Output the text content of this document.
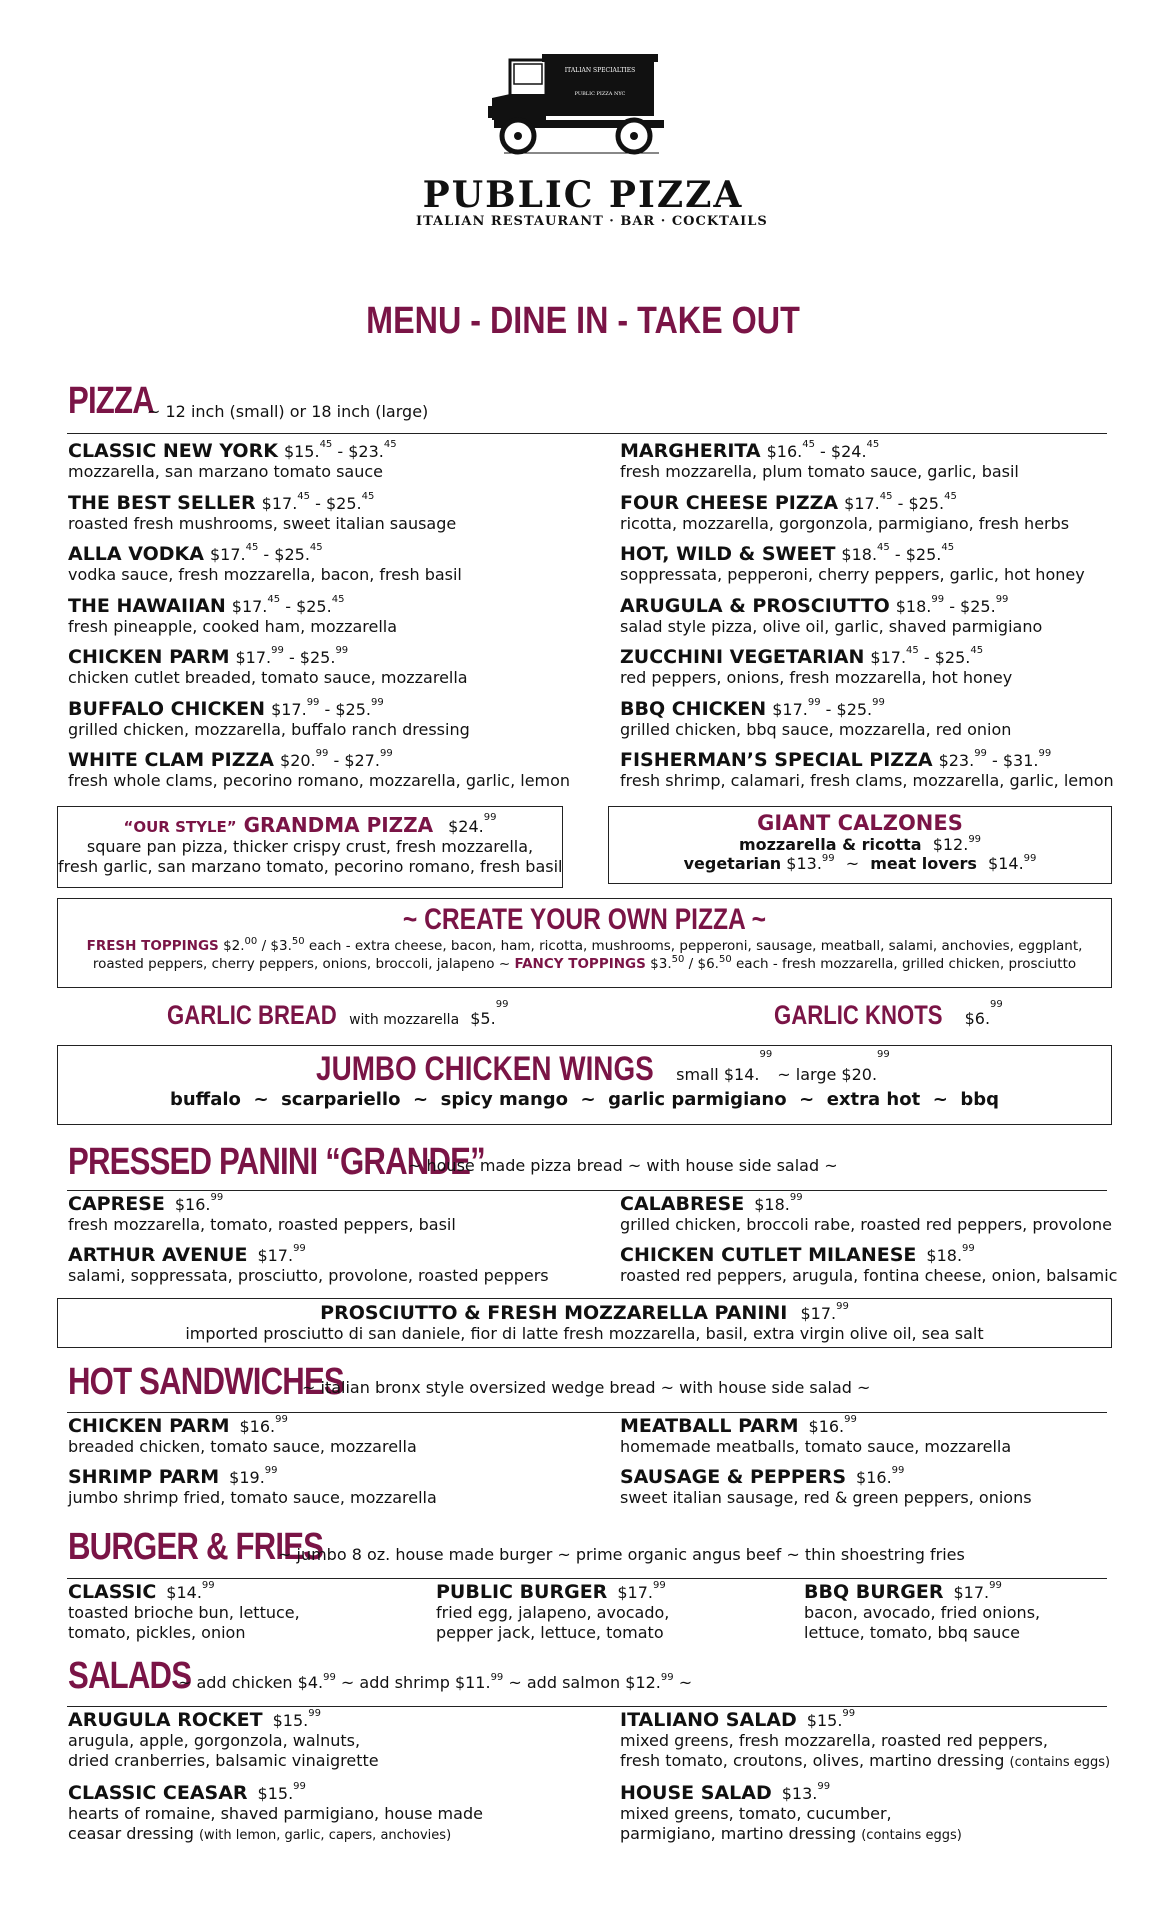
ITALIAN SPECIALTIES
PUBLIC PIZZA NYC
PUBLIC PIZZA
ITALIAN RESTAURANT · BAR · COCKTAILS
MENU - DINE IN - TAKE OUT
PIZZA
~ 12 inch (small) or 18 inch (large)
CLASSIC NEW YORK $15.45 - $23.45
mozzarella, san marzano tomato sauce
THE BEST SELLER $17.45 - $25.45
roasted fresh mushrooms, sweet italian sausage
ALLA VODKA $17.45 - $25.45
vodka sauce, fresh mozzarella, bacon, fresh basil
THE HAWAIIAN $17.45 - $25.45
fresh pineapple, cooked ham, mozzarella
CHICKEN PARM $17.99 - $25.99
chicken cutlet breaded, tomato sauce, mozzarella
BUFFALO CHICKEN $17.99 - $25.99
grilled chicken, mozzarella, buffalo ranch dressing
WHITE CLAM PIZZA $20.99 - $27.99
fresh whole clams, pecorino romano, mozzarella, garlic, lemon
MARGHERITA $16.45 - $24.45
fresh mozzarella, plum tomato sauce, garlic, basil
FOUR CHEESE PIZZA $17.45 - $25.45
ricotta, mozzarella, gorgonzola, parmigiano, fresh herbs
HOT, WILD & SWEET $18.45 - $25.45
soppressata, pepperoni, cherry peppers, garlic, hot honey
ARUGULA & PROSCIUTTO $18.99 - $25.99
salad style pizza, olive oil, garlic, shaved parmigiano
ZUCCHINI VEGETARIAN $17.45 - $25.45
red peppers, onions, fresh mozzarella, hot honey
BBQ CHICKEN $17.99 - $25.99
grilled chicken, bbq sauce, mozzarella, red onion
FISHERMAN’S SPECIAL PIZZA $23.99 - $31.99
fresh shrimp, calamari, fresh clams, mozzarella, garlic, lemon
“OUR STYLE” GRANDMA PIZZA $24.99
square pan pizza, thicker crispy crust, fresh mozzarella,
fresh garlic, san marzano tomato, pecorino romano, fresh basil
GIANT CALZONES
mozzarella & ricotta $12.99
vegetarian $13.99 ~ meat lovers $14.99
~ CREATE YOUR OWN PIZZA ~
FRESH TOPPINGS $2.00 / $3.50 each - extra cheese, bacon, ham, ricotta, mushrooms, pepperoni, sausage, meatball, salami, anchovies, eggplant,
roasted peppers, cherry peppers, onions, broccoli, jalapeno ~ FANCY TOPPINGS $3.50 / $6.50 each - fresh mozzarella, grilled chicken, prosciutto
GARLIC BREAD with mozzarella $5.99	GARLIC KNOTS $6.99
JUMBO CHICKEN WINGS small $14.99 ~ large $20.99
buffalo  ~  scarpariello  ~  spicy mango  ~  garlic parmigiano  ~  extra hot  ~  bbq
PRESSED PANINI “GRANDE”
~ house made pizza bread ~ with house side salad ~
CAPRESE $16.99
fresh mozzarella, tomato, roasted peppers, basil
ARTHUR AVENUE $17.99
salami, soppressata, prosciutto, provolone, roasted peppers
CALABRESE $18.99
grilled chicken, broccoli rabe, roasted red peppers, provolone
CHICKEN CUTLET MILANESE $18.99
roasted red peppers, arugula, fontina cheese, onion, balsamic
PROSCIUTTO & FRESH MOZZARELLA PANINI $17.99
imported prosciutto di san daniele, fior di latte fresh mozzarella, basil, extra virgin olive oil, sea salt
HOT SANDWICHES
~ italian bronx style oversized wedge bread ~ with house side salad ~
CHICKEN PARM $16.99
breaded chicken, tomato sauce, mozzarella
SHRIMP PARM $19.99
jumbo shrimp fried, tomato sauce, mozzarella
MEATBALL PARM $16.99
homemade meatballs, tomato sauce, mozzarella
SAUSAGE & PEPPERS $16.99
sweet italian sausage, red & green peppers, onions
BURGER & FRIES
~ jumbo 8 oz. house made burger ~ prime organic angus beef ~ thin shoestring fries
CLASSIC $14.99
toasted brioche bun, lettuce,
tomato, pickles, onion
PUBLIC BURGER $17.99
fried egg, jalapeno, avocado,
pepper jack, lettuce, tomato
BBQ BURGER $17.99
bacon, avocado, fried onions,
lettuce, tomato, bbq sauce
SALADS
~ add chicken $4.99 ~ add shrimp $11.99 ~ add salmon $12.99 ~
ARUGULA ROCKET $15.99
arugula, apple, gorgonzola, walnuts,
dried cranberries, balsamic vinaigrette
CLASSIC CEASAR $15.99
hearts of romaine, shaved parmigiano, house made
ceasar dressing (with lemon, garlic, capers, anchovies)
ITALIANO SALAD $15.99
mixed greens, fresh mozzarella, roasted red peppers,
fresh tomato, croutons, olives, martino dressing (contains eggs)
HOUSE SALAD $13.99
mixed greens, tomato, cucumber,
parmigiano, martino dressing (contains eggs)
